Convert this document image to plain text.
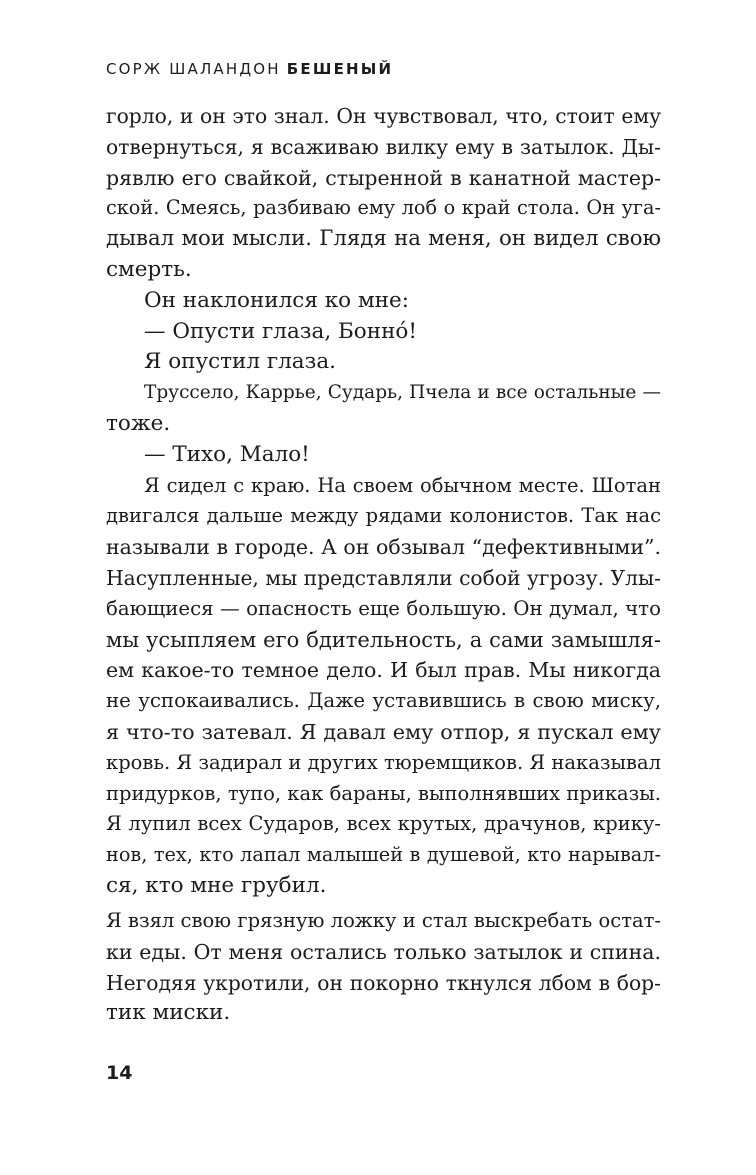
СОРЖ ШАЛАНДОН БЕШЕНЫЙ
горло, и он это знал. Он чувствовал, что, стоит ему
отвернуться, я всаживаю вилку ему в затылок. Ды-
рявлю его свайкой, стыренной в канатной мастер-
ской. Смеясь, разбиваю ему лоб о край стола. Он уга-
дывал мои мысли. Глядя на меня, он видел свою
смерть.
Он наклонился ко мне:
— Опусти глаза, Боннó!
Я опустил глаза.
Труссело, Каррье, Сударь, Пчела и все остальные —
тоже.
— Тихо, Мало!
Я сидел с краю. На своем обычном месте. Шотан
двигался дальше между рядами колонистов. Так нас
называли в городе. А он обзывал “дефективными”.
Насупленные, мы представляли собой угрозу. Улы-
бающиеся — опасность еще большую. Он думал, что
мы усыпляем его бдительность, а сами замышля-
ем какое-то темное дело. И был прав. Мы никогда
не успокаивались. Даже уставившись в свою миску,
я что-то затевал. Я давал ему отпор, я пускал ему
кровь. Я задирал и других тюремщиков. Я наказывал
придурков, тупо, как бараны, выполнявших приказы.
Я лупил всех Сударов, всех крутых, драчунов, крику-
нов, тех, кто лапал малышей в душевой, кто нарывал-
ся, кто мне грубил.
Я взял свою грязную ложку и стал выскребать остат-
ки еды. От меня остались только затылок и спина.
Негодяя укротили, он покорно ткнулся лбом в бор-
тик миски.
14
